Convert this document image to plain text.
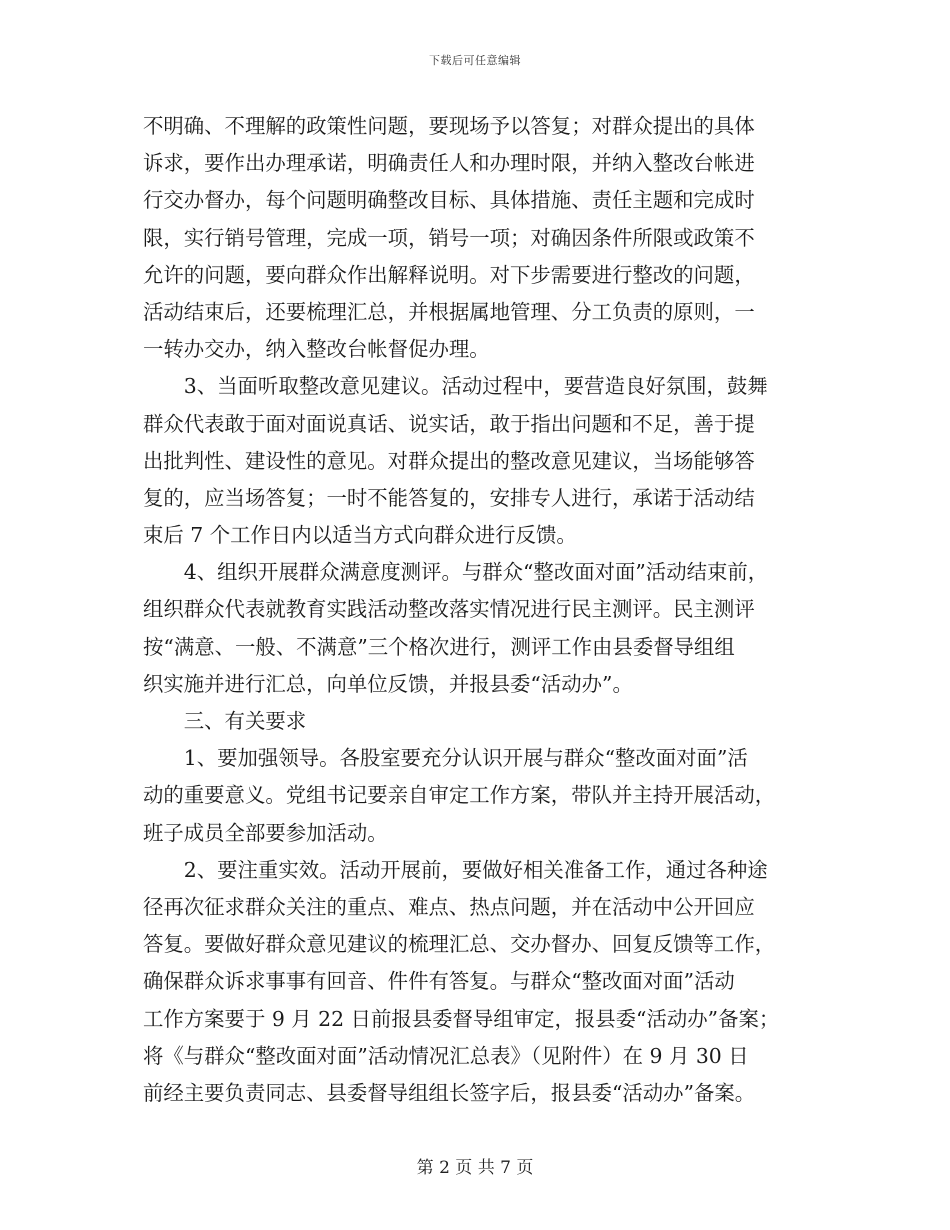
下载后可任意编辑
不明确、不理解的政策性问题，要现场予以答复；对群众提出的具体
诉求，要作出办理承诺，明确责任人和办理时限，并纳入整改台帐进
行交办督办，每个问题明确整改目标、具体措施、责任主题和完成时
限，实行销号管理，完成一项，销号一项；对确因条件所限或政策不
允许的问题，要向群众作出解释说明。对下步需要进行整改的问题，
活动结束后，还要梳理汇总，并根据属地管理、分工负责的原则，一
一转办交办，纳入整改台帐督促办理。
　　3、当面听取整改意见建议。活动过程中，要营造良好氛围，鼓舞
群众代表敢于面对面说真话、说实话，敢于指出问题和不足，善于提
出批判性、建设性的意见。对群众提出的整改意见建议，当场能够答
复的，应当场答复；一时不能答复的，安排专人进行，承诺于活动结
束后 7 个工作日内以适当方式向群众进行反馈。
　　4、组织开展群众满意度测评。与群众“整改面对面”活动结束前，
组织群众代表就教育实践活动整改落实情况进行民主测评。民主测评
按“满意、一般、不满意”三个格次进行，测评工作由县委督导组组
织实施并进行汇总，向单位反馈，并报县委“活动办”。
　　三、有关要求
　　1、要加强领导。各股室要充分认识开展与群众“整改面对面”活
动的重要意义。党组书记要亲自审定工作方案，带队并主持开展活动，
班子成员全部要参加活动。
　　2、要注重实效。活动开展前，要做好相关准备工作，通过各种途
径再次征求群众关注的重点、难点、热点问题，并在活动中公开回应
答复。要做好群众意见建议的梳理汇总、交办督办、回复反馈等工作，
确保群众诉求事事有回音、件件有答复。与群众“整改面对面”活动
工作方案要于 9 月 22 日前报县委督导组审定，报县委“活动办”备案；
将《与群众“整改面对面”活动情况汇总表》（见附件）在 9 月 30 日
前经主要负责同志、县委督导组组长签字后，报县委“活动办”备案。
第 2 页 共 7 页
